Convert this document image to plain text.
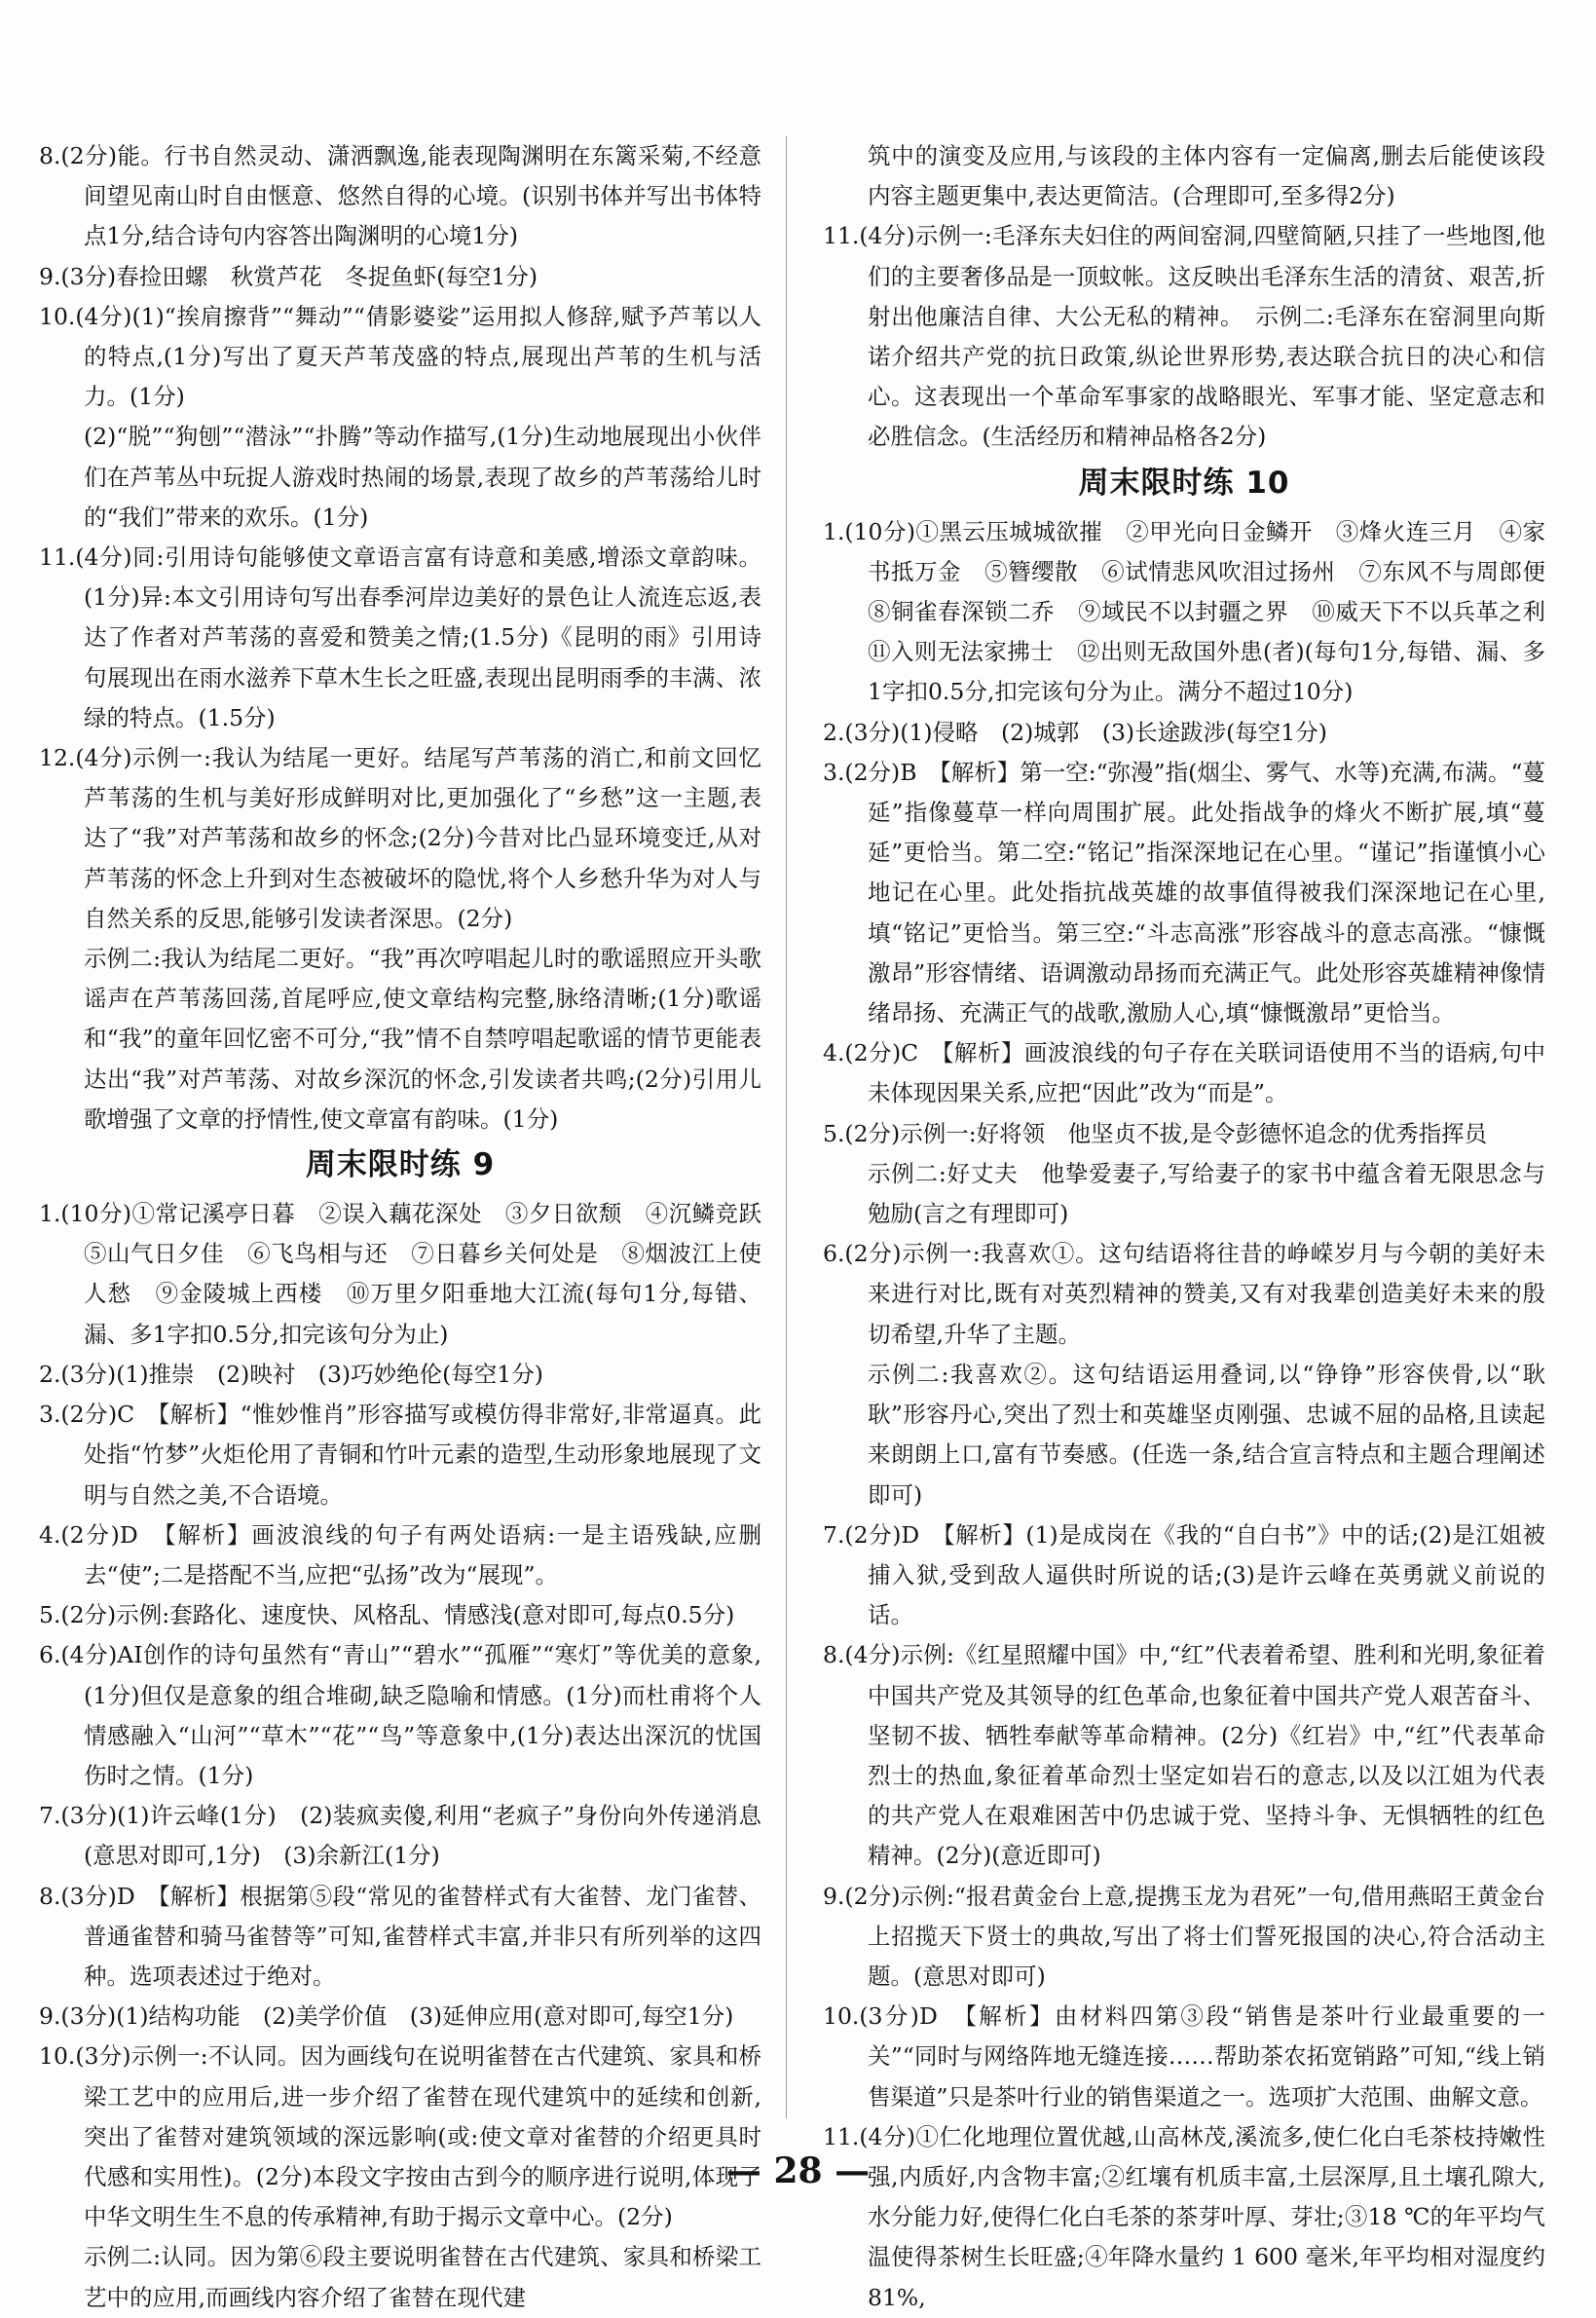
8.(2分)能。行书自然灵动、潇洒飘逸,能表现陶渊明在东篱采菊,不经意间望见南山时自由惬意、悠然自得的心境。(识别书体并写出书体特点1分,结合诗句内容答出陶渊明的心境1分)

9.(3分)春捡田螺　秋赏芦花　冬捉鱼虾(每空1分)

10.(4分)(1)“挨肩擦背”“舞动”“倩影婆娑”运用拟人修辞,赋予芦苇以人的特点,(1分)写出了夏天芦苇茂盛的特点,展现出芦苇的生机与活力。(1分)

(2)“脱”“狗刨”“潜泳”“扑腾”等动作描写,(1分)生动地展现出小伙伴们在芦苇丛中玩捉人游戏时热闹的场景,表现了故乡的芦苇荡给儿时的“我们”带来的欢乐。(1分)

11.(4分)同:引用诗句能够使文章语言富有诗意和美感,增添文章韵味。(1分)异:本文引用诗句写出春季河岸边美好的景色让人流连忘返,表达了作者对芦苇荡的喜爱和赞美之情;(1.5分)《昆明的雨》引用诗句展现出在雨水滋养下草木生长之旺盛,表现出昆明雨季的丰满、浓绿的特点。(1.5分)

12.(4分)示例一:我认为结尾一更好。结尾写芦苇荡的消亡,和前文回忆芦苇荡的生机与美好形成鲜明对比,更加强化了“乡愁”这一主题,表达了“我”对芦苇荡和故乡的怀念;(2分)今昔对比凸显环境变迁,从对芦苇荡的怀念上升到对生态被破坏的隐忧,将个人乡愁升华为对人与自然关系的反思,能够引发读者深思。(2分)

示例二:我认为结尾二更好。“我”再次哼唱起儿时的歌谣照应开头歌谣声在芦苇荡回荡,首尾呼应,使文章结构完整,脉络清晰;(1分)歌谣和“我”的童年回忆密不可分,“我”情不自禁哼唱起歌谣的情节更能表达出“我”对芦苇荡、对故乡深沉的怀念,引发读者共鸣;(2分)引用儿歌增强了文章的抒情性,使文章富有韵味。(1分)

周末限时练 9

1.(10分)①常记溪亭日暮　②误入藕花深处　③夕日欲颓　④沉鳞竞跃　⑤山气日夕佳　⑥飞鸟相与还　⑦日暮乡关何处是　⑧烟波江上使人愁　⑨金陵城上西楼　⑩万里夕阳垂地大江流(每句1分,每错、漏、多1字扣0.5分,扣完该句分为止)

2.(3分)(1)推崇　(2)映衬　(3)巧妙绝伦(每空1分)

3.(2分)C　【解析】“惟妙惟肖”形容描写或模仿得非常好,非常逼真。此处指“竹梦”火炬伦用了青铜和竹叶元素的造型,生动形象地展现了文明与自然之美,不合语境。

4.(2分)D　【解析】画波浪线的句子有两处语病:一是主语残缺,应删去“使”;二是搭配不当,应把“弘扬”改为“展现”。

5.(2分)示例:套路化、速度快、风格乱、情感浅(意对即可,每点0.5分)

6.(4分)AI创作的诗句虽然有“青山”“碧水”“孤雁”“寒灯”等优美的意象,(1分)但仅是意象的组合堆砌,缺乏隐喻和情感。(1分)而杜甫将个人情感融入“山河”“草木”“花”“鸟”等意象中,(1分)表达出深沉的忧国伤时之情。(1分)

7.(3分)(1)许云峰(1分)　(2)装疯卖傻,利用“老疯子”身份向外传递消息(意思对即可,1分)　(3)余新江(1分)

8.(3分)D　【解析】根据第⑤段“常见的雀替样式有大雀替、龙门雀替、普通雀替和骑马雀替等”可知,雀替样式丰富,并非只有所列举的这四种。选项表述过于绝对。

9.(3分)(1)结构功能　(2)美学价值　(3)延伸应用(意对即可,每空1分)

10.(3分)示例一:不认同。因为画线句在说明雀替在古代建筑、家具和桥梁工艺中的应用后,进一步介绍了雀替在现代建筑中的延续和创新,突出了雀替对建筑领域的深远影响(或:使文章对雀替的介绍更具时代感和实用性)。(2分)本段文字按由古到今的顺序进行说明,体现了中华文明生生不息的传承精神,有助于揭示文章中心。(2分)

示例二:认同。因为第⑥段主要说明雀替在古代建筑、家具和桥梁工艺中的应用,而画线内容介绍了雀替在现代建

筑中的演变及应用,与该段的主体内容有一定偏离,删去后能使该段内容主题更集中,表达更简洁。(合理即可,至多得2分)

11.(4分)示例一:毛泽东夫妇住的两间窑洞,四壁简陋,只挂了一些地图,他们的主要奢侈品是一顶蚊帐。这反映出毛泽东生活的清贫、艰苦,折射出他廉洁自律、大公无私的精神。　示例二:毛泽东在窑洞里向斯诺介绍共产党的抗日政策,纵论世界形势,表达联合抗日的决心和信心。这表现出一个革命军事家的战略眼光、军事才能、坚定意志和必胜信念。(生活经历和精神品格各2分)

周末限时练 10

1.(10分)①黑云压城城欲摧　②甲光向日金鳞开　③烽火连三月　④家书抵万金　⑤簪缨散　⑥试情悲风吹泪过扬州　⑦东风不与周郎便　⑧铜雀春深锁二乔　⑨域民不以封疆之界　⑩威天下不以兵革之利　⑪入则无法家拂士　⑫出则无敌国外患(者)(每句1分,每错、漏、多1字扣0.5分,扣完该句分为止。满分不超过10分)

2.(3分)(1)侵略　(2)城郭　(3)长途跋涉(每空1分)

3.(2分)B　【解析】第一空:“弥漫”指(烟尘、雾气、水等)充满,布满。“蔓延”指像蔓草一样向周围扩展。此处指战争的烽火不断扩展,填“蔓延”更恰当。第二空:“铭记”指深深地记在心里。“谨记”指谨慎小心地记在心里。此处指抗战英雄的故事值得被我们深深地记在心里,填“铭记”更恰当。第三空:“斗志高涨”形容战斗的意志高涨。“慷慨激昂”形容情绪、语调激动昂扬而充满正气。此处形容英雄精神像情绪昂扬、充满正气的战歌,激励人心,填“慷慨激昂”更恰当。

4.(2分)C　【解析】画波浪线的句子存在关联词语使用不当的语病,句中未体现因果关系,应把“因此”改为“而是”。

5.(2分)示例一:好将领　他坚贞不拔,是令彭德怀追念的优秀指挥员

示例二:好丈夫　他挚爱妻子,写给妻子的家书中蕴含着无限思念与勉励(言之有理即可)

6.(2分)示例一:我喜欢①。这句结语将往昔的峥嵘岁月与今朝的美好未来进行对比,既有对英烈精神的赞美,又有对我辈创造美好未来的殷切希望,升华了主题。

示例二:我喜欢②。这句结语运用叠词,以“铮铮”形容侠骨,以“耿耿”形容丹心,突出了烈士和英雄坚贞刚强、忠诚不屈的品格,且读起来朗朗上口,富有节奏感。(任选一条,结合宣言特点和主题合理阐述即可)

7.(2分)D　【解析】(1)是成岗在《我的“自白书”》中的话;(2)是江姐被捕入狱,受到敌人逼供时所说的话;(3)是许云峰在英勇就义前说的话。

8.(4分)示例:《红星照耀中国》中,“红”代表着希望、胜利和光明,象征着中国共产党及其领导的红色革命,也象征着中国共产党人艰苦奋斗、坚韧不拔、牺牲奉献等革命精神。(2分)《红岩》中,“红”代表革命烈士的热血,象征着革命烈士坚定如岩石的意志,以及以江姐为代表的共产党人在艰难困苦中仍忠诚于党、坚持斗争、无惧牺牲的红色精神。(2分)(意近即可)

9.(2分)示例:“报君黄金台上意,提携玉龙为君死”一句,借用燕昭王黄金台上招揽天下贤士的典故,写出了将士们誓死报国的决心,符合活动主题。(意思对即可)

10.(3分)D　【解析】由材料四第③段“销售是茶叶行业最重要的一关”“同时与网络阵地无缝连接……帮助茶农拓宽销路”可知,“线上销售渠道”只是茶叶行业的销售渠道之一。选项扩大范围、曲解文意。

11.(4分)①仁化地理位置优越,山高林茂,溪流多,使仁化白毛茶枝持嫩性强,内质好,内含物丰富;②红壤有机质丰富,土层深厚,且土壤孔隙大,水分能力好,使得仁化白毛茶的茶芽叶厚、芽壮;③18 ℃的年平均气温使得茶树生长旺盛;④年降水量约 1 600 毫米,年平均相对湿度约 81%,

— 28 —
